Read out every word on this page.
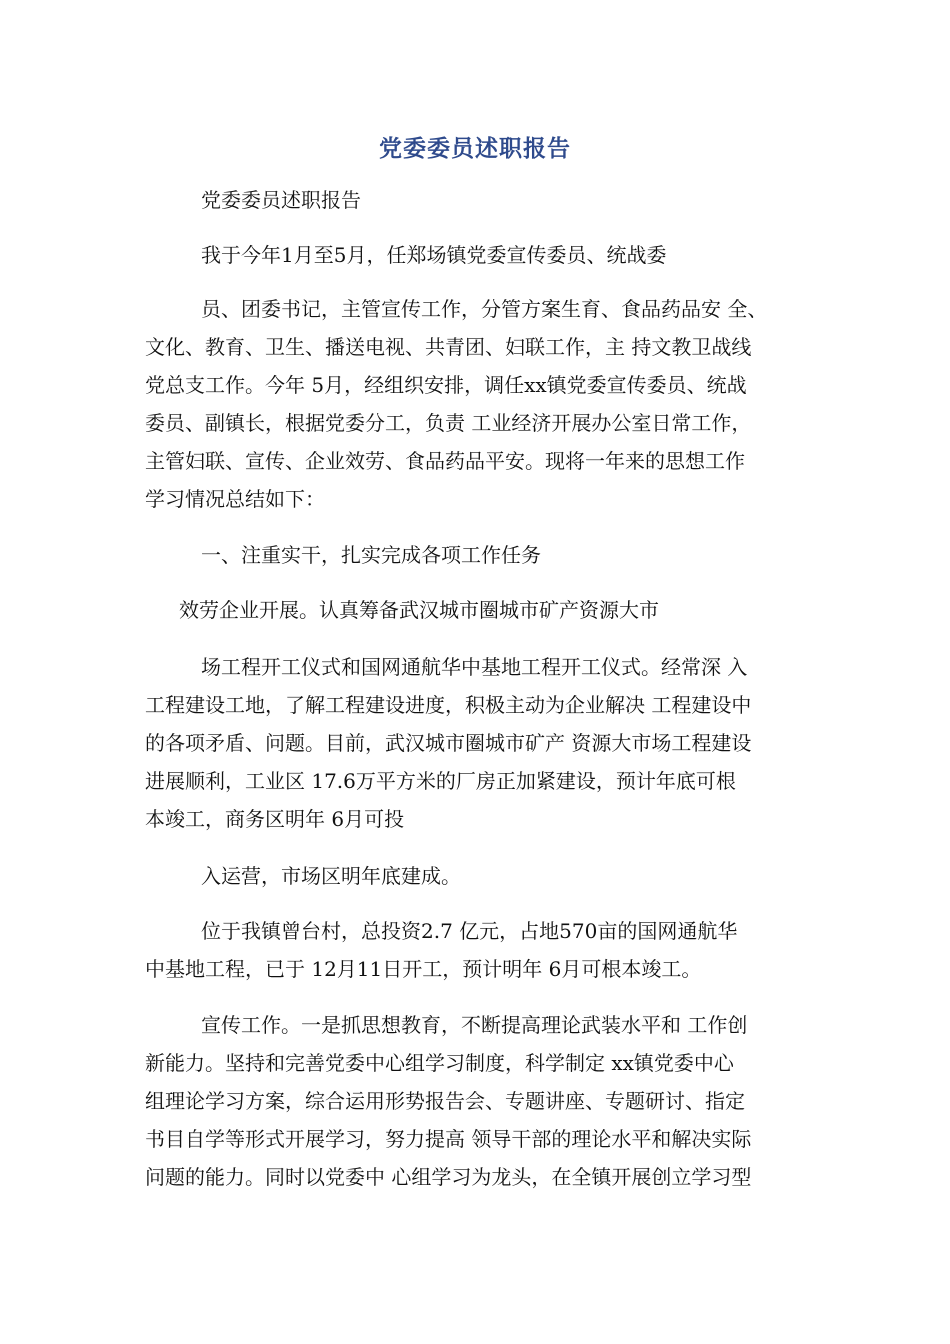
党委委员述职报告
党委委员述职报告
我于今年1月至5月，任郑场镇党委宣传委员、统战委
员、团委书记，主管宣传工作，分管方案生育、食品药品安 全、
文化、教育、卫生、播送电视、共青团、妇联工作，主 持文教卫战线
党总支工作。今年 5月，经组织安排，调任xx镇党委宣传委员、统战
委员、副镇长，根据党委分工，负责 工业经济开展办公室日常工作，
主管妇联、宣传、企业效劳、食品药品平安。现将一年来的思想工作
学习情况总结如下：
一、注重实干，扎实完成各项工作任务
效劳企业开展。认真筹备武汉城市圈城市矿产资源大市
场工程开工仪式和国网通航华中基地工程开工仪式。经常深 入
工程建设工地，了解工程建设进度，积极主动为企业解决 工程建设中
的各项矛盾、问题。目前，武汉城市圈城市矿产 资源大市场工程建设
进展顺利，工业区 17.6万平方米的厂房正加紧建设，预计年底可根
本竣工，商务区明年 6月可投
入运营，市场区明年底建成。
位于我镇曾台村，总投资2.7 亿元，占地570亩的国网通航华
中基地工程，已于 12月11日开工，预计明年 6月可根本竣工。
宣传工作。一是抓思想教育，不断提高理论武装水平和 工作创
新能力。坚持和完善党委中心组学习制度，科学制定 xx镇党委中心
组理论学习方案，综合运用形势报告会、专题讲座、专题研讨、指定
书目自学等形式开展学习，努力提高 领导干部的理论水平和解决实际
问题的能力。同时以党委中 心组学习为龙头，在全镇开展创立学习型
